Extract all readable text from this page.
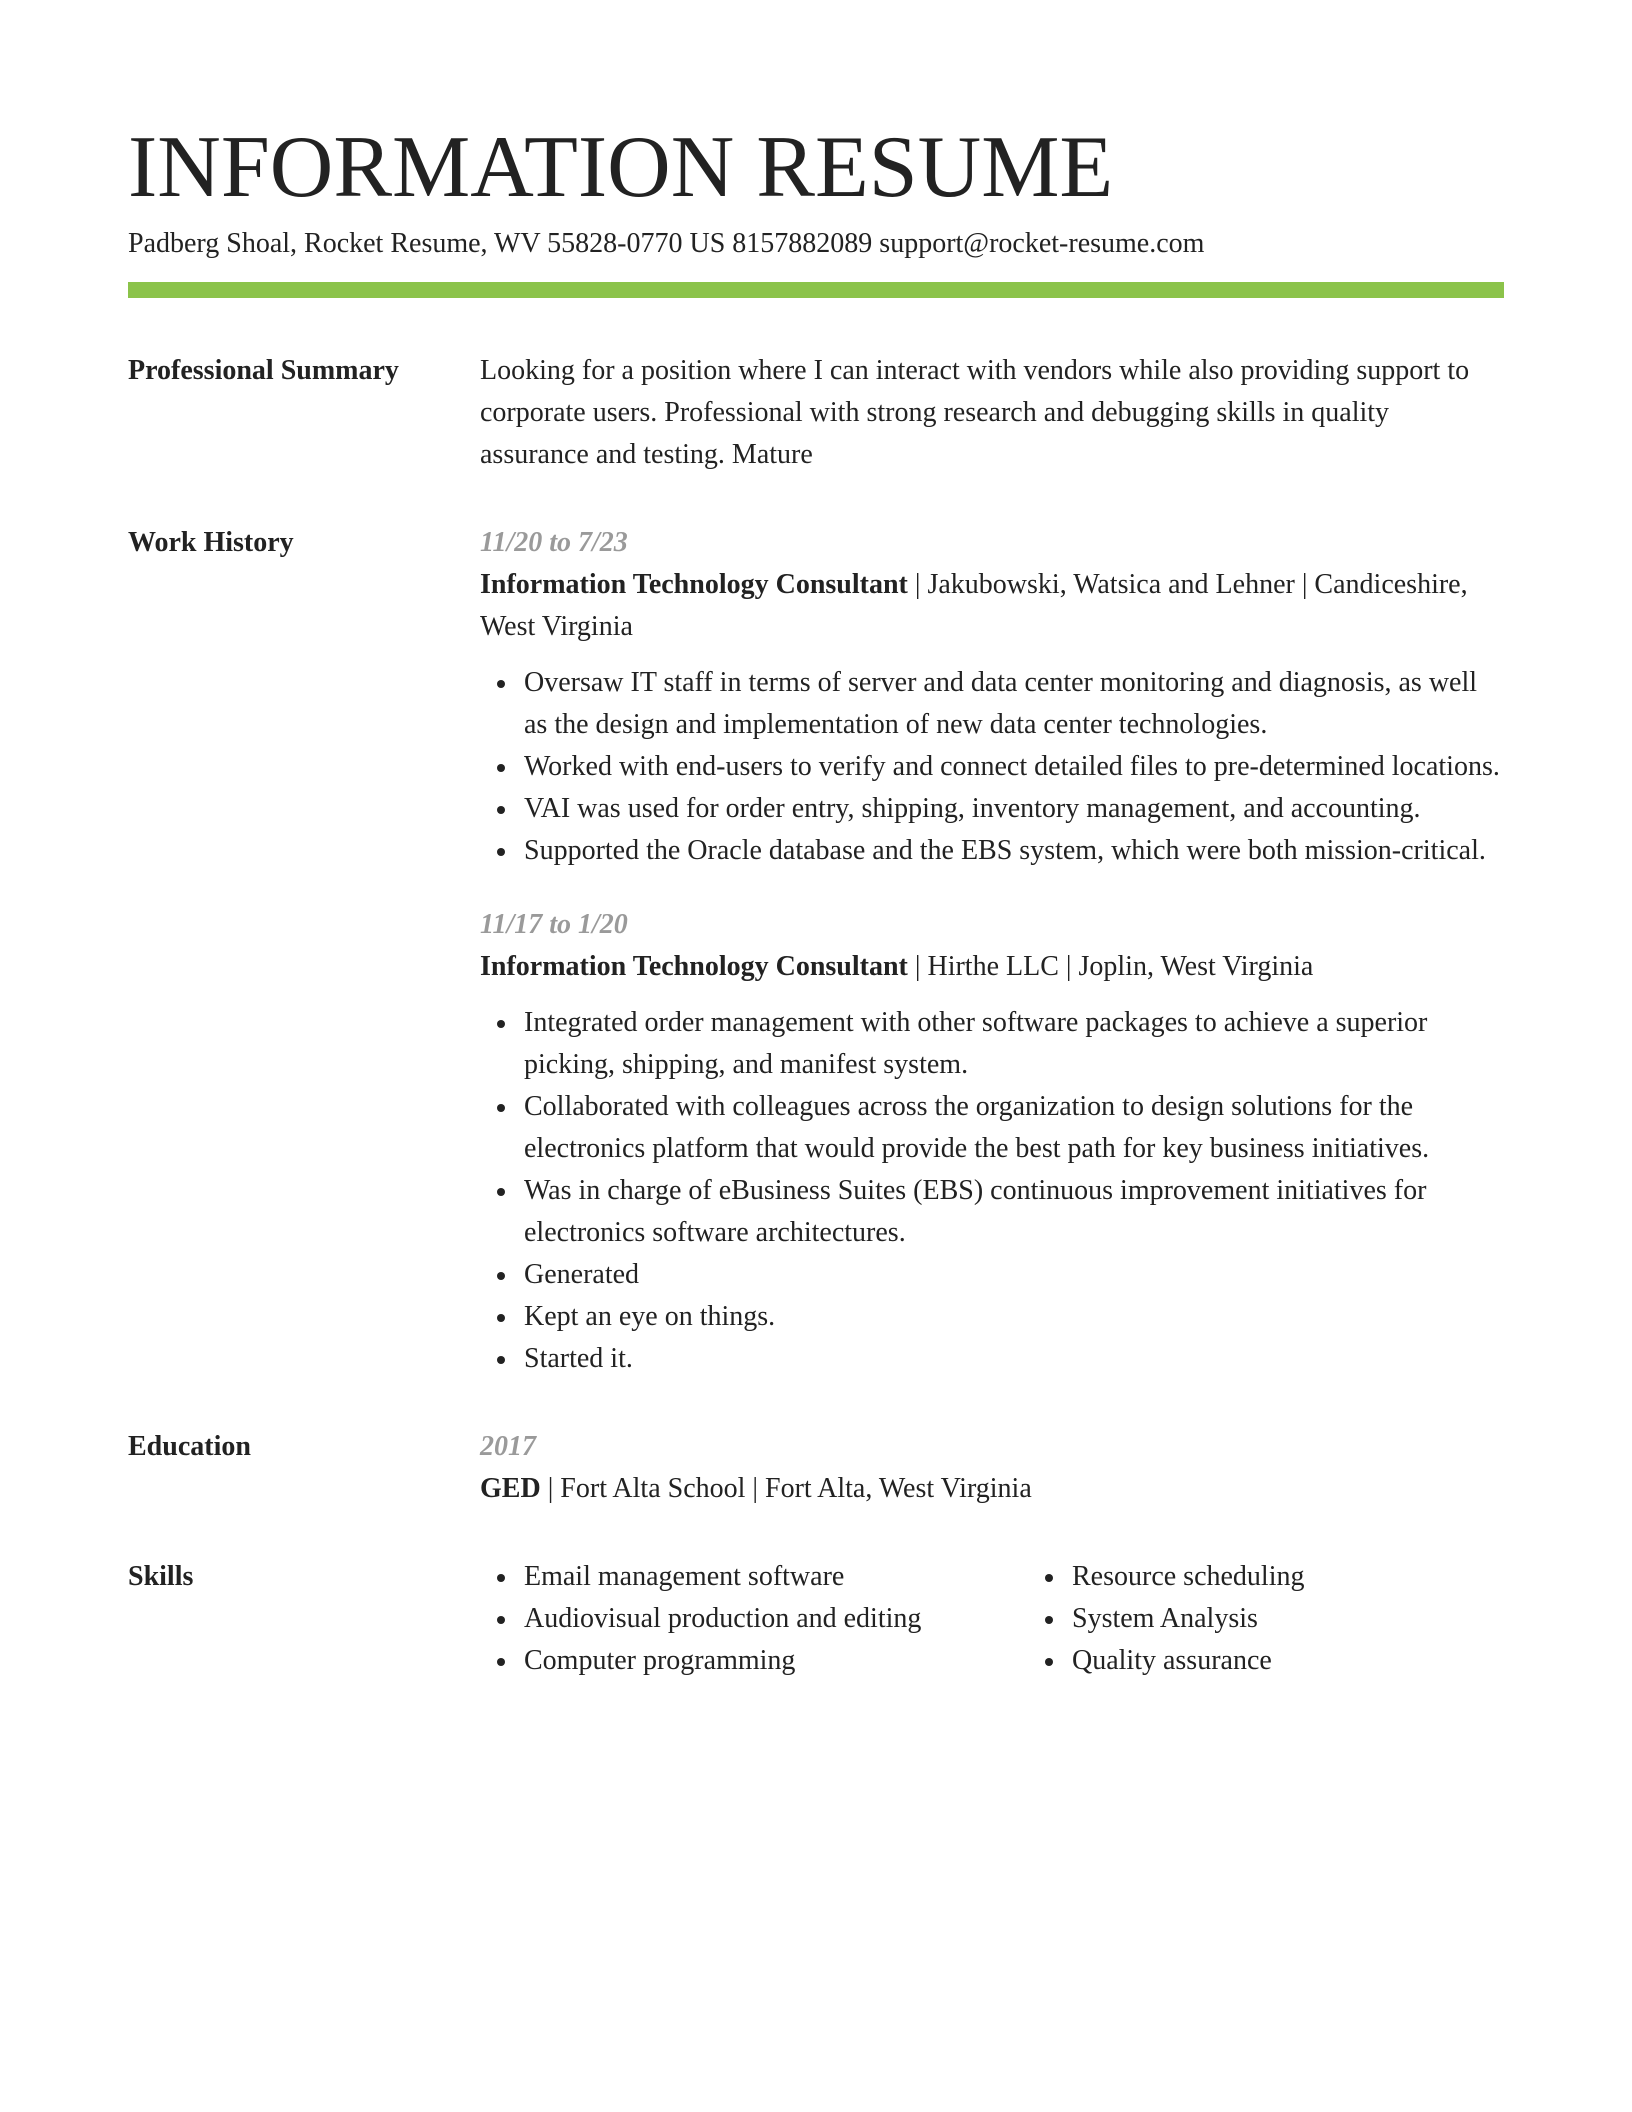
INFORMATION RESUME
Padberg Shoal, Rocket Resume, WV 55828-0770 US 8157882089 support@rocket-resume.com
Professional Summary	Looking for a position where I can interact with vendors while also providing support to corporate users. Professional with strong research and debugging skills in quality assurance and testing. Mature

Work History	11/20 to 7/23
Information Technology Consultant | Jakubowski, Watsica and Lehner | Candiceshire, West Virginia
Oversaw IT staff in terms of server and data center monitoring and diagnosis, as well as the design and implementation of new data center technologies.
Worked with end-users to verify and connect detailed files to pre-determined locations.
VAI was used for order entry, shipping, inventory management, and accounting.
Supported the Oracle database and the EBS system, which were both mission-critical.
11/17 to 1/20
Information Technology Consultant | Hirthe LLC | Joplin, West Virginia
Integrated order management with other software packages to achieve a superior picking, shipping, and manifest system.
Collaborated with colleagues across the organization to design solutions for the electronics platform that would provide the best path for key business initiatives.
Was in charge of eBusiness Suites (EBS) continuous improvement initiatives for electronics software architectures.
Generated
Kept an eye on things.
Started it.
Education	2017
GED | Fort Alta School | Fort Alta, West Virginia
Skills	Email management software
Audiovisual production and editing
Computer programming
Resource scheduling
System Analysis
Quality assurance
